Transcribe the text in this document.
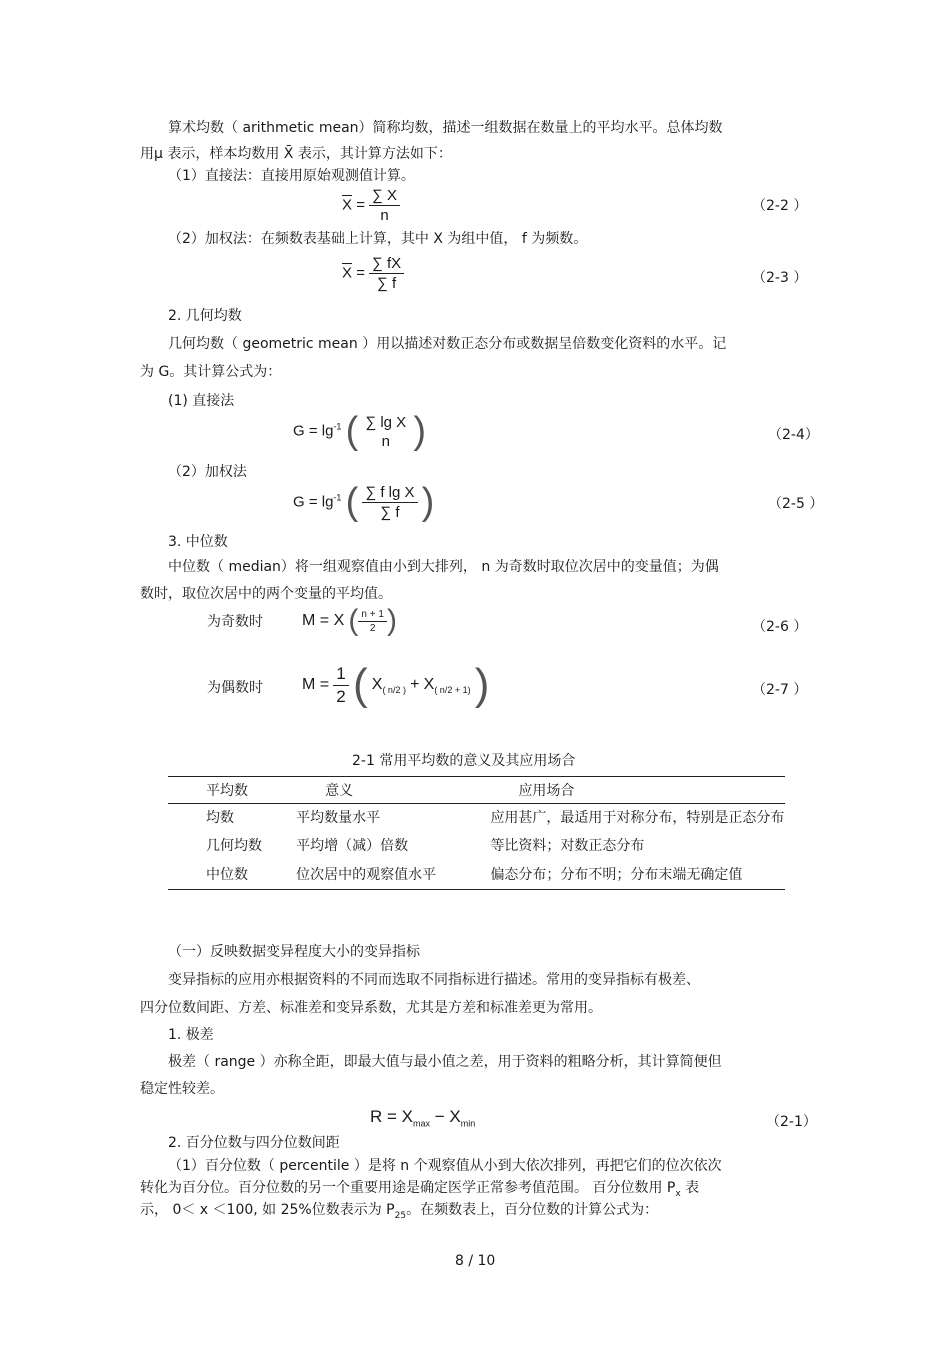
算术均数（ arithmetic mean）简称均数，描述一组数据在数量上的平均水平。总体均数
用μ 表示，样本均数用 X̄ 表示，其计算方法如下：
（1）直接法：直接用原始观测值计算。
$\overline{X} = \frac{\sum X}{n}$	（2-2 ）
（2）加权法：在频数表基础上计算，其中 X 为组中值， f 为频数。
$\overline{X} = \frac{\sum fX}{\sum f}$	（2-3 ）
2. 几何均数
几何均数（ geometric mean ）用以描述对数正态分布或数据呈倍数变化资料的水平。记
为 G。其计算公式为：
(1) 直接法
$G = \lg^{-1}$ ( ∑ lg X
n )	（2-4）
（2）加权法
$G = \lg^{-1}$ ( $\frac{\text{∑ f lg X}}{\sum f}$ )	（2-5 ）
3. 中位数
中位数（ median）将一组观察值由小到大排列， n 为奇数时取位次居中的变量值；为偶
数时，取位次居中的两个变量的平均值。
为奇数时 M = X ( $\frac{n + 1}{2}$ )	（2-6 ）
为偶数时 $M = \frac{1}{2}$ ( $X_{( n/2 )} + X_{( n/2 + 1)}$ )	（2-7 ）
2-1 常用平均数的意义及其应用场合
平均数	意义	应用场合
均数	平均数量水平	应用甚广，最适用于对称分布，特别是正态分布
几何均数	平均增（减）倍数	等比资料；对数正态分布
中位数	位次居中的观察值水平	偏态分布；分布不明；分布末端无确定值
（一）反映数据变异程度大小的变异指标
变异指标的应用亦根据资料的不同而选取不同指标进行描述。常用的变异指标有极差、
四分位数间距、方差、标准差和变异系数，尤其是方差和标准差更为常用。
1. 极差
极差（ range ）亦称全距，即最大值与最小值之差，用于资料的粗略分析，其计算简便但
稳定性较差。
$R = X_{max} - X_{min}$	（2-1）
2. 百分位数与四分位数间距
（1）百分位数（ percentile ）是将 n 个观察值从小到大依次排列，再把它们的位次依次
转化为百分位。百分位数的另一个重要用途是确定医学正常参考值范围。 百分位数用 $P_x$ 表
示， 0＜ x ＜100, 如 25%位数表示为 $P_{25}$。在频数表上，百分位数的计算公式为：
8 / 10
